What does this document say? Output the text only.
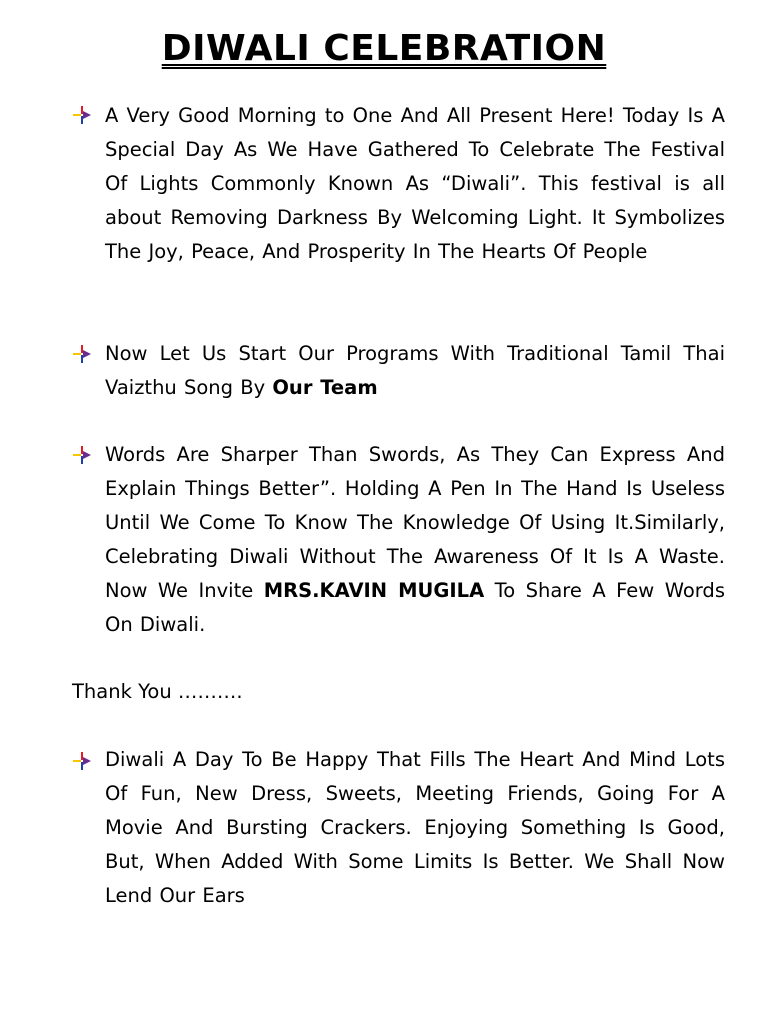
DIWALI CELEBRATION
A Very Good Morning to One And All Present Here! Today Is A Special Day As We Have Gathered To Celebrate The Festival Of Lights Commonly Known As “Diwali”. This festival is all about Removing Darkness By Welcoming Light. It Symbolizes The Joy, Peace, And Prosperity In The Hearts Of People
Now Let Us Start Our Programs With Traditional Tamil Thai Vaizthu Song By Our Team
Words Are Sharper Than Swords, As They Can Express And Explain Things Better”. Holding A Pen In The Hand Is Useless Until We Come To Know The Knowledge Of Using It.Similarly, Celebrating Diwali Without The Awareness Of It Is A Waste. Now We Invite MRS.KAVIN MUGILA To Share A Few Words On Diwali.
Thank You ……….
Diwali A Day To Be Happy That Fills The Heart And Mind Lots Of Fun, New Dress, Sweets, Meeting Friends, Going For A Movie And Bursting Crackers. Enjoying Something Is Good, But, When Added With Some Limits Is Better. We Shall Now Lend Our Ears
